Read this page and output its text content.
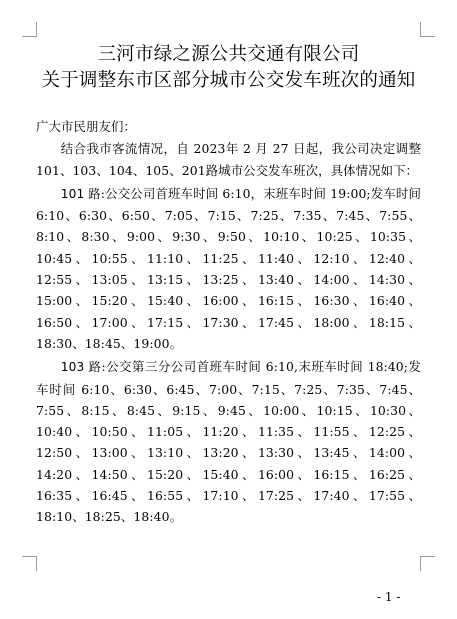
三河市绿之源公共交通有限公司
关于调整东市区部分城市公交发车班次的通知

广大市民朋友们：

结合我市客流情况，自 2023年 2 月 27 日起，我公司决定调整 101、103、104、105、201路城市公交发车班次，具体情况如下：

101 路:公交公司首班车时间 6:10，末班车时间 19:00;发车时间 6:10、6:30、6:50、7:05、7:15、7:25、7:35、7:45、7:55、8:10、8:30、9:00、9:30、9:50、10:10、10:25、10:35、10:45、10:55、11:10、11:25、11:40、12:10、12:40、12:55、13:05、13:15、13:25、13:40、14:00、14:30、15:00、15:20、15:40、16:00、16:15、16:30、16:40、16:50、17:00、17:15、17:30、17:45、18:00、18:15、18:30、18:45、19:00。

103 路:公交第三分公司首班车时间 6:10,末班车时间 18:40;发车时间 6:10、6:30、6:45、7:00、7:15、7:25、7:35、7:45、7:55、8:15、8:45、9:15、9:45、10:00、10:15、10:30、10:40、10:50、11:05、11:20、11:35、11:55、12:25、12:50、13:00、13:10、13:20、13:30、13:45、14:00、14:20、14:50、15:20、15:40、16:00、16:15、16:25、16:35、16:45、16:55、17:10、17:25、17:40、17:55、18:10、18:25、18:40。

- 1 -
